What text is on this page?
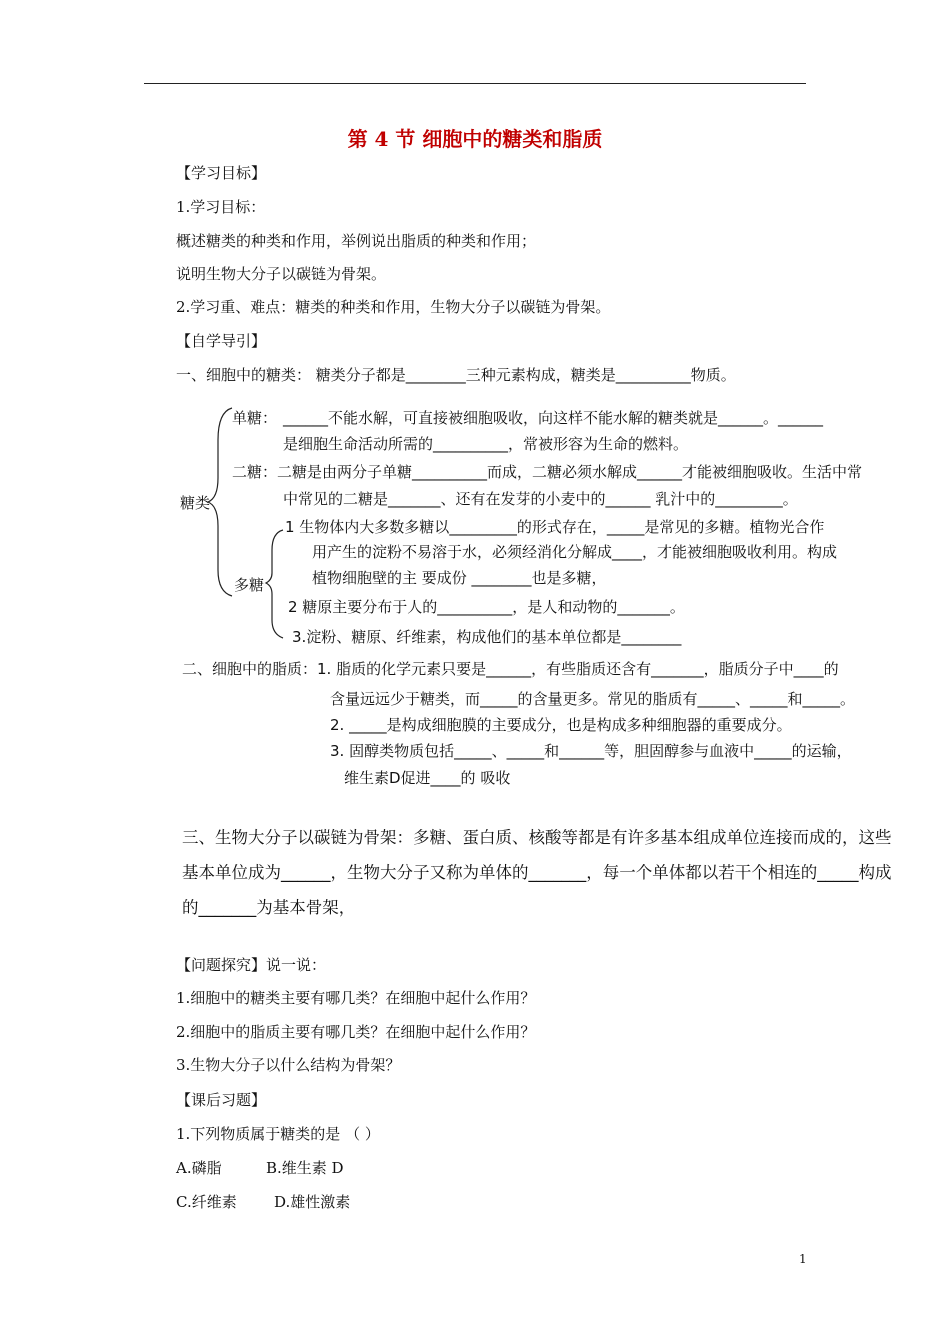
第 4 节 细胞中的糖类和脂质
【学习目标】
1.学习目标：
概述糖类的种类和作用，举例说出脂质的种类和作用；
说明生物大分子以碳链为骨架。
2.学习重、难点：糖类的种类和作用，生物大分子以碳链为骨架。
【自学导引】
一、细胞中的糖类： 糖类分子都是________三种元素构成，糖类是__________物质。
糖类
单糖： ______不能水解，可直接被细胞吸收，向这样不能水解的糖类就是______。______
是细胞生命活动所需的__________，常被形容为生命的燃料。
二糖：二糖是由两分子单糖__________而成，二糖必须水解成______才能被细胞吸收。生活中常
中常见的二糖是_______、还有在发芽的小麦中的______ 乳汁中的_________。
多糖
1 生物体内大多数多糖以_________的形式存在，_____是常见的多糖。植物光合作
用产生的淀粉不易溶于水，必须经消化分解成____，才能被细胞吸收利用。构成
植物细胞壁的主 要成份 ________也是多糖，
2 糖原主要分布于人的__________，是人和动物的_______。
3.淀粉、糖原、纤维素，构成他们的基本单位都是________
二、细胞中的脂质：1. 脂质的化学元素只要是______，有些脂质还含有_______，脂质分子中____的
含量远远少于糖类，而_____的含量更多。常见的脂质有_____、_____和_____。
2. _____是构成细胞膜的主要成分，也是构成多种细胞器的重要成分。
3. 固醇类物质包括_____、_____和______等，胆固醇参与血液中_____的运输，
维生素D促进____的 吸收
三、生物大分子以碳链为骨架：多糖、蛋白质、核酸等都是有许多基本组成单位连接而成的，这些
基本单位成为______，生物大分子又称为单体的_______，每一个单体都以若干个相连的_____构成
的_______为基本骨架，
【问题探究】说一说：
1.细胞中的糖类主要有哪几类？在细胞中起什么作用？
2.细胞中的脂质主要有哪几类？在细胞中起什么作用？
3.生物大分子以什么结构为骨架？
【课后习题】
1.下列物质属于糖类的是 （ ）
A.磷脂	B.维生素 D
C.纤维素 D.雄性激素
1
